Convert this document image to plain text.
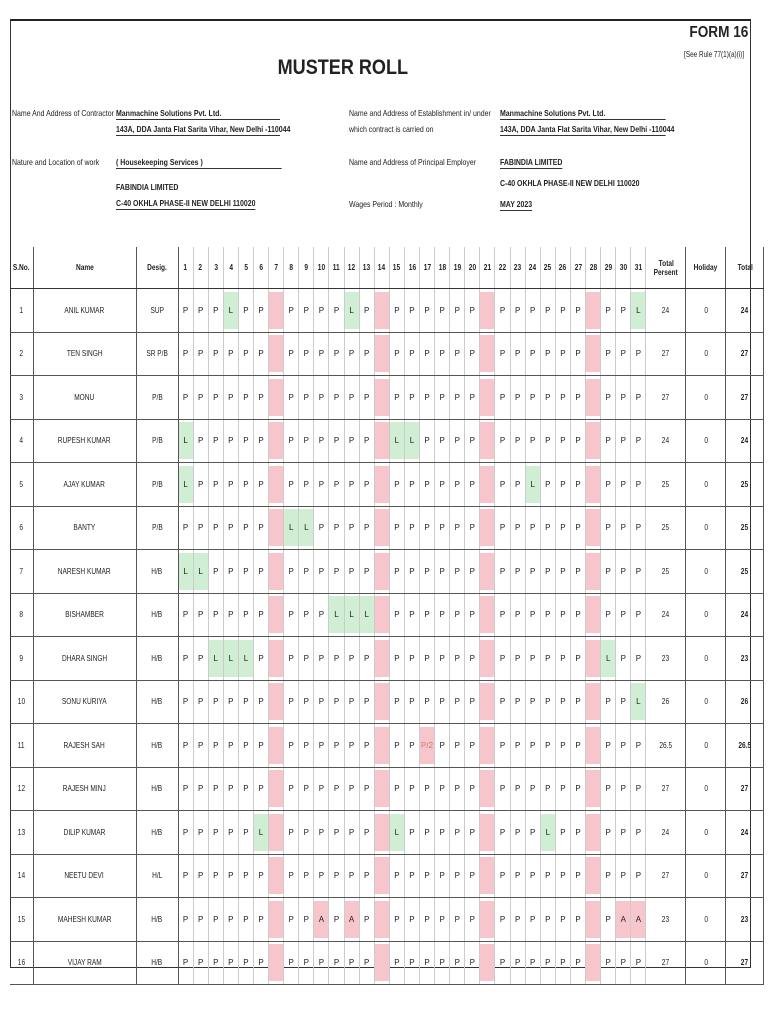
FORM 16
[See Rule 77(1)(a)(i)]
MUSTER ROLL
Name And Address of Contractor Manmachine Solutions Pvt. Ltd.
143A, DDA Janta Flat Sarita Vihar, New Delhi -110044
Name and Address of Establishment in/ under
which contract is carried on
Manmachine Solutions Pvt. Ltd.
143A, DDA Janta Flat Sarita Vihar, New Delhi -110044
Nature and Location of work ( Housekeeping Services )
FABINDIA LIMITED
C-40 OKHLA PHASE-II NEW DELHI 110020
Name and Address of Principal Employer	FABINDIA LIMITED
C-40 OKHLA PHASE-II NEW DELHI 110020
Wages Period : Monthly	MAY 2023
S.No.	Name	Desig.	1	2	3	4	5	6	7	8	9	10	11	12	13	14	15	16	17	18	19	20	21	22	23	24	25	26	27	28	29	30	31	Total
Persent	Holiday	Total
1	ANIL KUMAR	SUP	P	P	P	L	P	P		P	P	P	P	L	P		P	P	P	P	P	P		P	P	P	P	P	P		P	P	L	24	0	24
2	TEN SINGH	SR P/B	P	P	P	P	P	P		P	P	P	P	P	P		P	P	P	P	P	P		P	P	P	P	P	P		P	P	P	27	0	27
3	MONU	P/B	P	P	P	P	P	P		P	P	P	P	P	P		P	P	P	P	P	P		P	P	P	P	P	P		P	P	P	27	0	27
4	RUPESH KUMAR	P/B	L	P	P	P	P	P		P	P	P	P	P	P		L	L	P	P	P	P		P	P	P	P	P	P		P	P	P	24	0	24
5	AJAY KUMAR	P/B	L	P	P	P	P	P		P	P	P	P	P	P		P	P	P	P	P	P		P	P	L	P	P	P		P	P	P	25	0	25
6	BANTY	P/B	P	P	P	P	P	P		L	L	P	P	P	P		P	P	P	P	P	P		P	P	P	P	P	P		P	P	P	25	0	25
7	NARESH KUMAR	H/B	L	L	P	P	P	P		P	P	P	P	P	P		P	P	P	P	P	P		P	P	P	P	P	P		P	P	P	25	0	25
8	BISHAMBER	H/B	P	P	P	P	P	P		P	P	P	L	L	L		P	P	P	P	P	P		P	P	P	P	P	P		P	P	P	24	0	24
9	DHARA SINGH	H/B	P	P	L	L	L	P		P	P	P	P	P	P		P	P	P	P	P	P		P	P	P	P	P	P		L	P	P	23	0	23
10	SONU KURIYA	H/B	P	P	P	P	P	P		P	P	P	P	P	P		P	P	P	P	P	P		P	P	P	P	P	P		P	P	L	26	0	26
11	RAJESH SAH	H/B	P	P	P	P	P	P		P	P	P	P	P	P		P	P	P/2	P	P	P		P	P	P	P	P	P		P	P	P	26.5	0	26.5
12	RAJESH MINJ	H/B	P	P	P	P	P	P		P	P	P	P	P	P		P	P	P	P	P	P		P	P	P	P	P	P		P	P	P	27	0	27
13	DILIP KUMAR	H/B	P	P	P	P	P	L		P	P	P	P	P	P		L	P	P	P	P	P		P	P	P	L	P	P		P	P	P	24	0	24
14	NEETU DEVI	H/L	P	P	P	P	P	P		P	P	P	P	P	P		P	P	P	P	P	P		P	P	P	P	P	P		P	P	P	27	0	27
15	MAHESH KUMAR	H/B	P	P	P	P	P	P		P	P	A	P	A	P		P	P	P	P	P	P		P	P	P	P	P	P		P	A	A	23	0	23
16	VIJAY RAM	H/B	P	P	P	P	P	P		P	P	P	P	P	P		P	P	P	P	P	P		P	P	P	P	P	P		P	P	P	27	0	27
